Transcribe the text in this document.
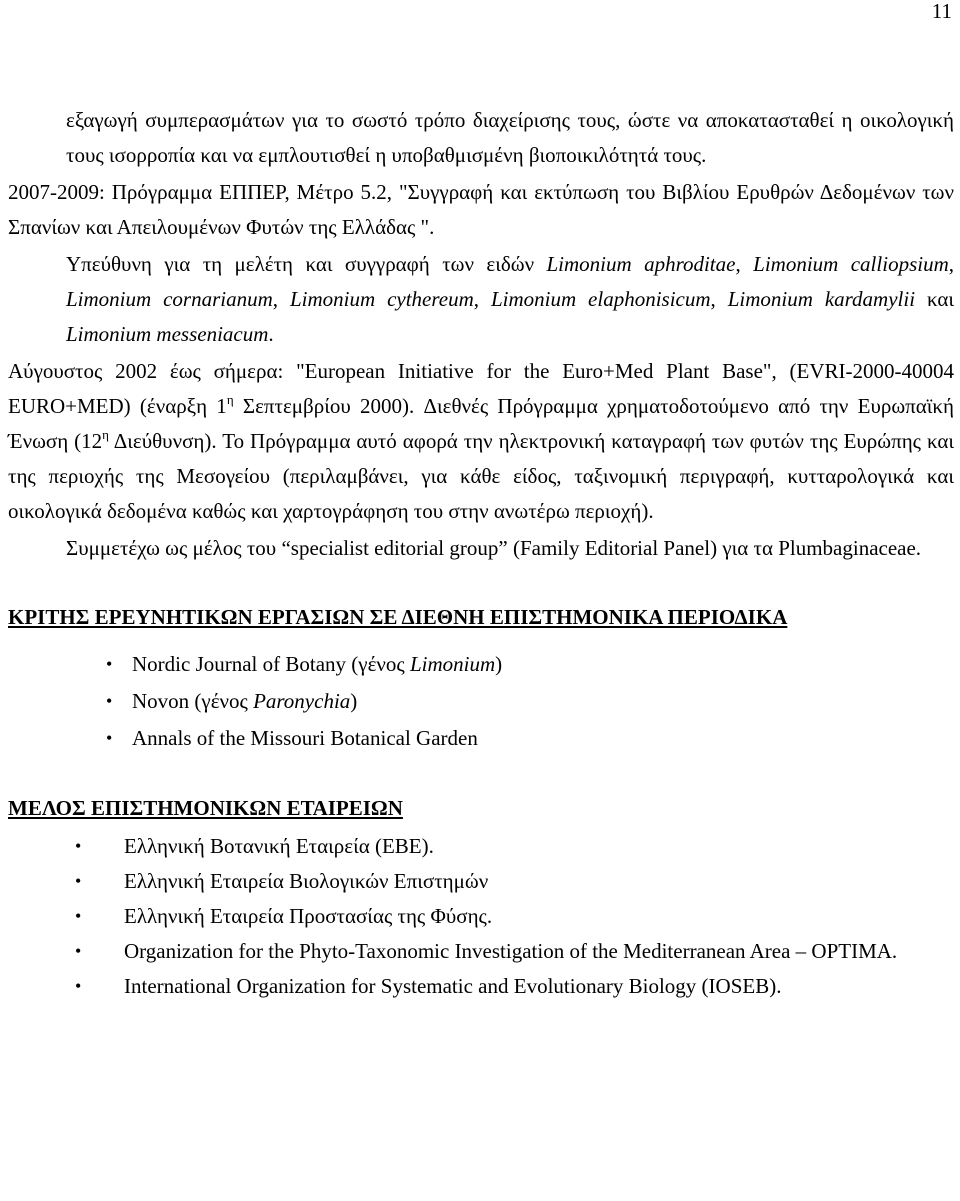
11

εξαγωγή συμπερασμάτων για το σωστό τρόπο διαχείρισης τους, ώστε να αποκατασταθεί η οικολογική τους ισορροπία και να εμπλουτισθεί η υποβαθμισμένη βιοποικιλότητά τους.

2007-2009: Πρόγραμμα ΕΠΠΕΡ, Μέτρο 5.2, "Συγγραφή και εκτύπωση του Βιβλίου Ερυθρών Δεδομένων των Σπανίων και Απειλουμένων Φυτών της Ελλάδας ".

Υπεύθυνη για τη μελέτη και συγγραφή των ειδών Limonium aphroditae, Limonium calliopsium, Limonium cornarianum, Limonium cythereum, Limonium elaphonisicum, Limonium kardamylii και Limonium messeniacum.

Αύγουστος 2002 έως σήμερα: "European Initiative for the Euro+Med Plant Base", (EVRI-2000-40004 EURO+MED) (έναρξη $1^\eta$ Σεπτεμβρίου 2000). Διεθνές Πρόγραμμα χρηματοδοτούμενο από την Ευρωπαϊκή Ένωση ($12^\eta$ Διεύθυνση). Το Πρόγραμμα αυτό αφορά την ηλεκτρονική καταγραφή των φυτών της Ευρώπης και της περιοχής της Μεσογείου (περιλαμβάνει, για κάθε είδος, ταξινομική περιγραφή, κυτταρολογικά και οικολογικά δεδομένα καθώς και χαρτογράφηση του στην ανωτέρω περιοχή).

Συμμετέχω ως μέλος του “specialist editorial group” (Family Editorial Panel) για τα Plumbaginaceae.

ΚΡΙΤΗΣ ΕΡΕΥΝΗΤΙΚΩΝ ΕΡΓΑΣΙΩΝ ΣΕ ΔΙΕΘΝΗ ΕΠΙΣΤΗΜΟΝΙΚΑ ΠΕΡΙΟΔΙΚΑ
• Nordic Journal of Botany (γένος Limonium)
• Novon (γένος Paronychia)
• Annals of the Missouri Botanical Garden
ΜΕΛΟΣ ΕΠΙΣΤΗΜΟΝΙΚΩΝ ΕΤΑΙΡΕΙΩΝ
• Ελληνική Βοτανική Εταιρεία (ΕΒΕ).
• Ελληνική Εταιρεία Βιολογικών Επιστημών
• Ελληνική Εταιρεία Προστασίας της Φύσης.
• Organization for the Phyto-Taxonomic Investigation of the Mediterranean Area – OPTIMA.
• International Organization for Systematic and Evolutionary Biology (IOSEB).
